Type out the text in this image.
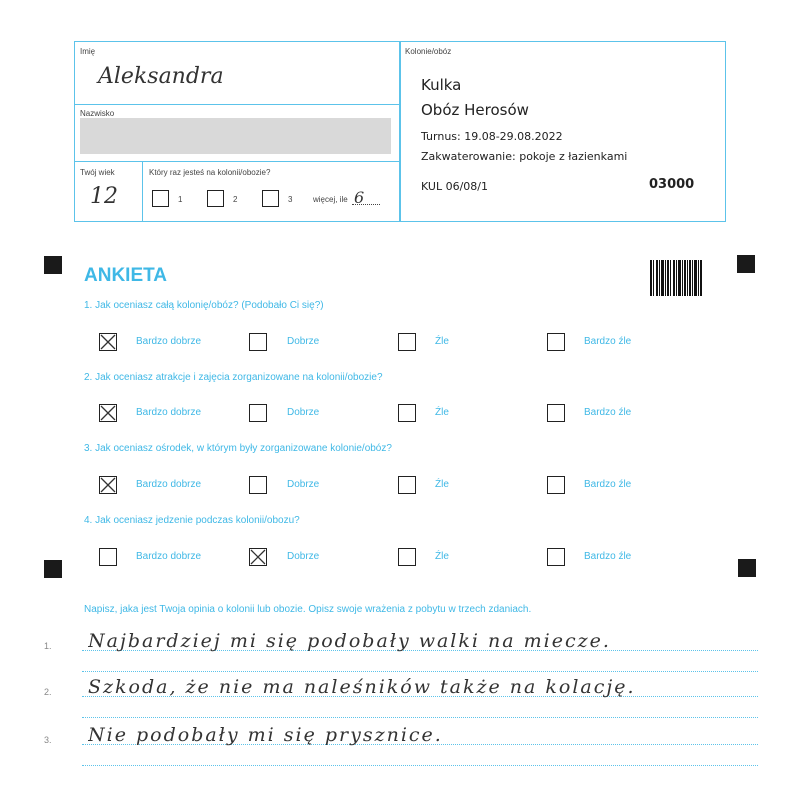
Imię
Aleksandra
Nazwisko
Twój wiek
12
Który raz jesteś na kolonii/obozie?
1	2	3	więcej, ile 6
Kolonie/obóz
Kulka
Obóz Herosów
Turnus: 19.08-29.08.2022
Zakwaterowanie: pokoje z łazienkami
KUL 06/08/1	03000
ANKIETA
1. Jak oceniasz całą kolonię/obóz? (Podobało Ci się?)
Bardzo dobrze	Dobrze	Źle	Bardzo źle
2. Jak oceniasz atrakcje i zajęcia zorganizowane na kolonii/obozie?
Bardzo dobrze	Dobrze	Źle	Bardzo źle
3. Jak oceniasz ośrodek, w którym były zorganizowane kolonie/obóz?
Bardzo dobrze	Dobrze	Źle	Bardzo źle
4. Jak oceniasz jedzenie podczas kolonii/obozu?
Bardzo dobrze	Dobrze	Źle	Bardzo źle
Napisz, jaka jest Twoja opinia o kolonii lub obozie. Opisz swoje wrażenia z pobytu w trzech zdaniach.
1. Najbardziej mi się podobały walki na miecze.
2. Szkoda, że nie ma naleśników także na kolację.
3. Nie podobały mi się prysznice.
